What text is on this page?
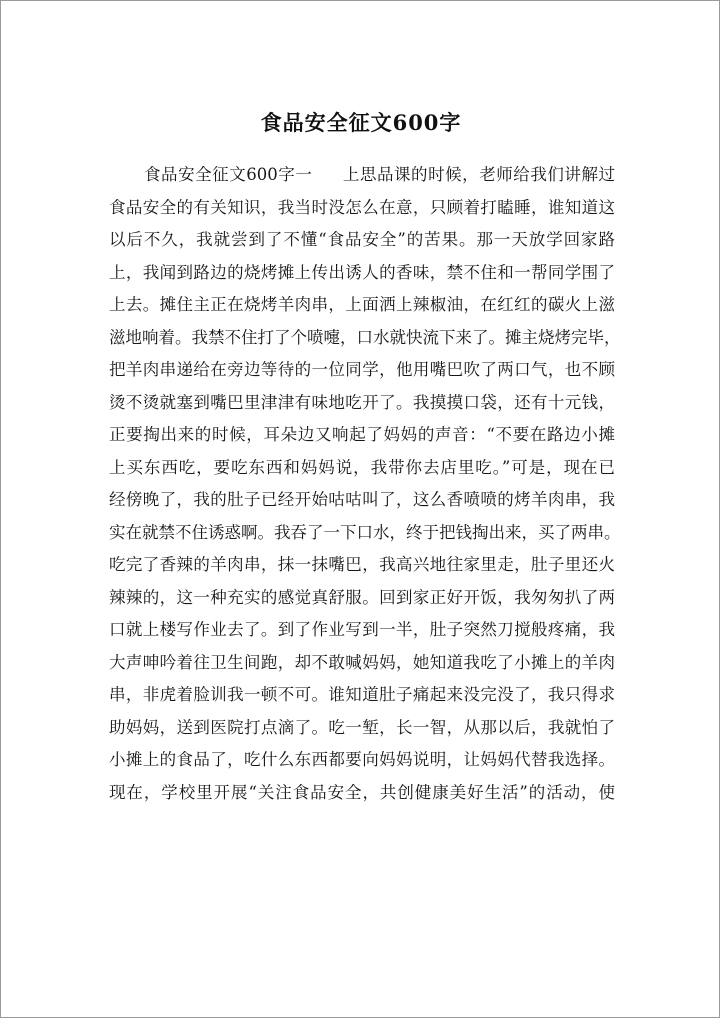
食品安全征文600字
食品安全征文600字一 上思品课的时候，老师给我们讲解过
食品安全的有关知识，我当时没怎么在意，只顾着打瞌睡，谁知道这
以后不久，我就尝到了不懂“食品安全”的苦果。那一天放学回家路
上，我闻到路边的烧烤摊上传出诱人的香味，禁不住和一帮同学围了
上去。摊住主正在烧烤羊肉串，上面洒上辣椒油，在红红的碳火上滋
滋地响着。我禁不住打了个喷嚏，口水就快流下来了。摊主烧烤完毕，
把羊肉串递给在旁边等待的一位同学，他用嘴巴吹了两口气，也不顾
烫不烫就塞到嘴巴里津津有味地吃开了。我摸摸口袋，还有十元钱，
正要掏出来的时候，耳朵边又响起了妈妈的声音：“不要在路边小摊
上买东西吃，要吃东西和妈妈说，我带你去店里吃。”可是，现在已
经傍晚了，我的肚子已经开始咕咕叫了，这么香喷喷的烤羊肉串，我
实在就禁不住诱惑啊。我吞了一下口水，终于把钱掏出来，买了两串。
吃完了香辣的羊肉串，抹一抹嘴巴，我高兴地往家里走，肚子里还火
辣辣的，这一种充实的感觉真舒服。回到家正好开饭，我匆匆扒了两
口就上楼写作业去了。到了作业写到一半，肚子突然刀搅般疼痛，我
大声呻吟着往卫生间跑，却不敢喊妈妈，她知道我吃了小摊上的羊肉
串，非虎着脸训我一顿不可。谁知道肚子痛起来没完没了，我只得求
助妈妈，送到医院打点滴了。吃一堑，长一智，从那以后，我就怕了
小摊上的食品了，吃什么东西都要向妈妈说明，让妈妈代替我选择。
现在，学校里开展“关注食品安全，共创健康美好生活”的活动，使
